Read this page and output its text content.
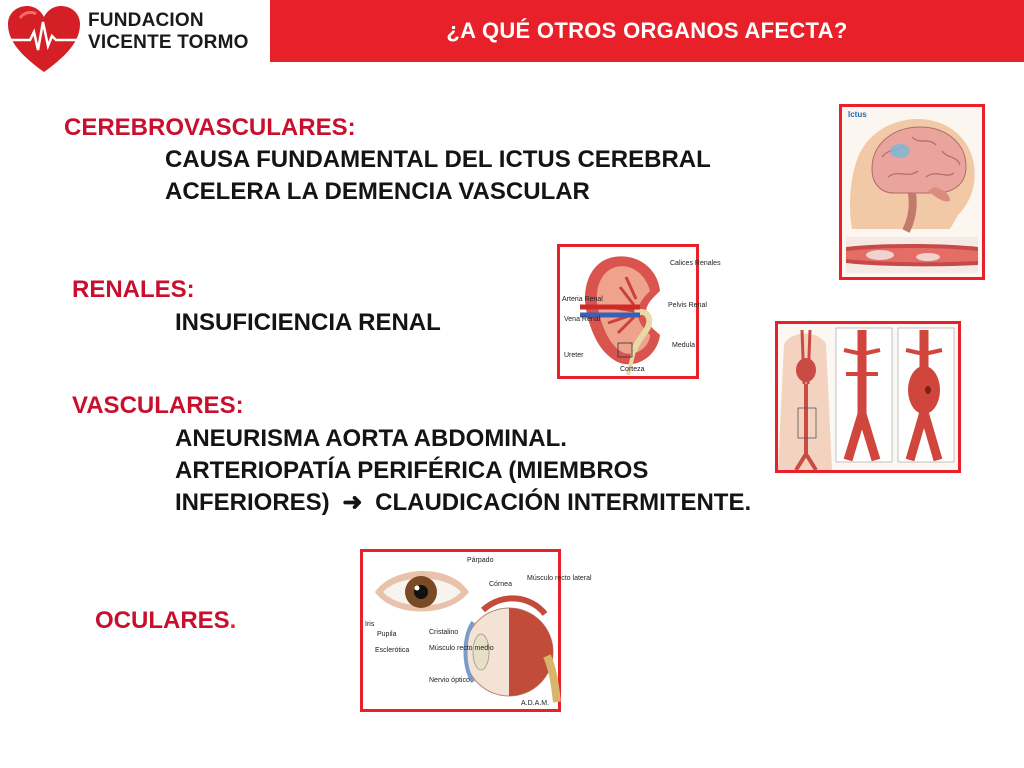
FUNDACION
VICENTE TORMO	¿A QUÉ OTROS ORGANOS AFECTA?
CEREBROVASCULARES:
CAUSA FUNDAMENTAL DEL ICTUS CEREBRAL
ACELERA LA DEMENCIA VASCULAR
RENALES:
INSUFICIENCIA RENAL
VASCULARES:
ANEURISMA AORTA ABDOMINAL.
ARTERIOPATÍA PERIFÉRICA (MIEMBROS
INFERIORES) ➜ CLAUDICACIÓN INTERMITENTE.
OCULARES.
Ictus
Calices Renales
Arteria Renal
Vena Renal
Pelvis Renal
Medula
Ureter
Corteza
Párpado
Córnea
Músculo recto lateral
Iris
Pupila	Cristalino
Esclerótica	Músculo recto medio
Nervio óptico
A.D.A.M.
